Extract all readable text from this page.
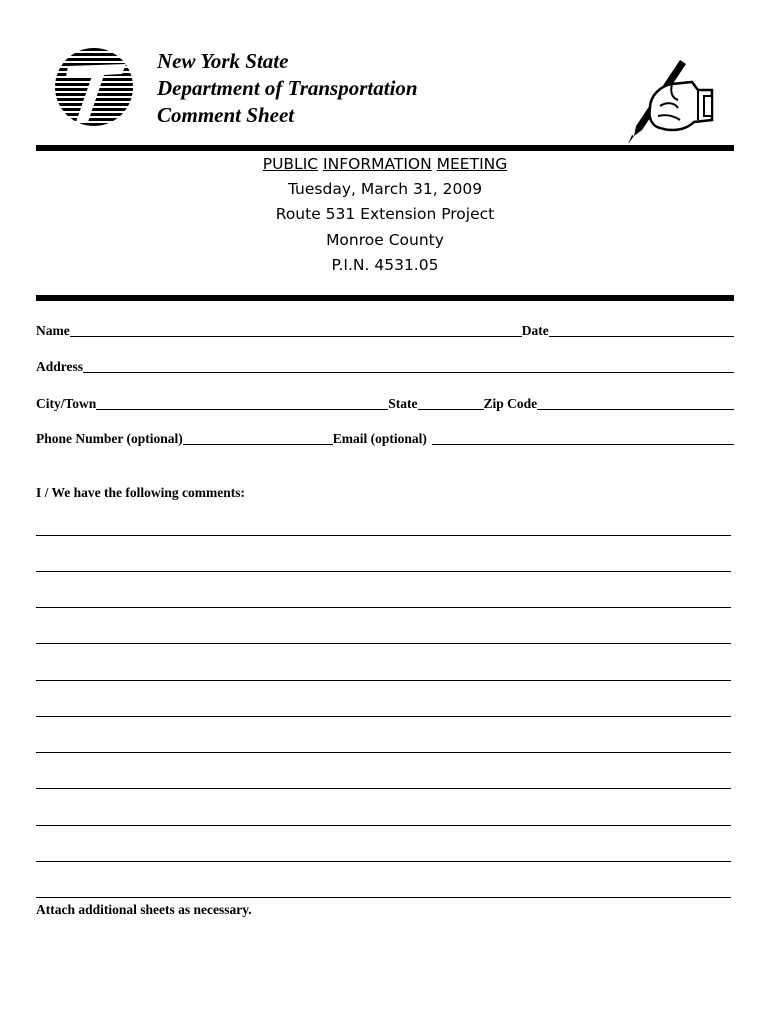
New York State
Department of Transportation
Comment Sheet
PUBLIC INFORMATION MEETING
Tuesday, March 31, 2009
Route 531 Extension Project
Monroe County
P.I.N. 4531.05
Name	Date
Address
City/Town	State	Zip Code
Phone Number (optional)	Email (optional)
I / We have the following comments:
Attach additional sheets as necessary.
